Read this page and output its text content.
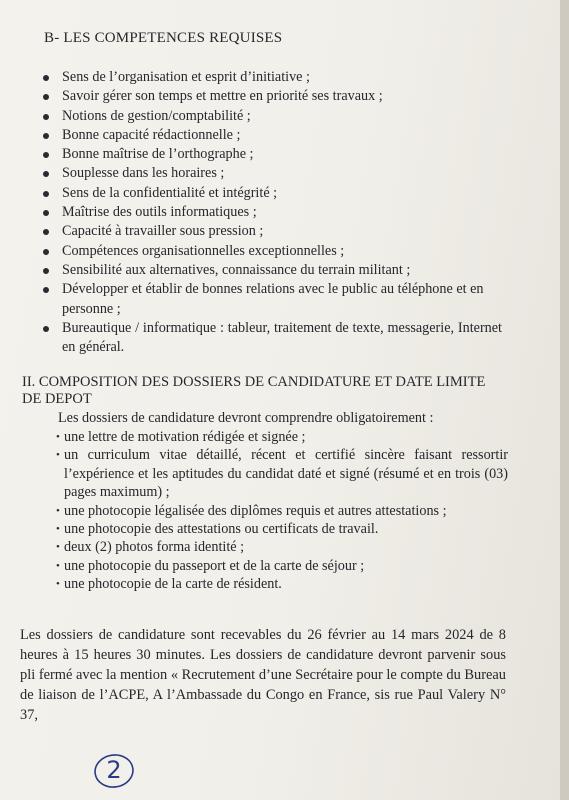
B- LES COMPETENCES REQUISES
Sens de l’organisation et esprit d’initiative ;
Savoir gérer son temps et mettre en priorité ses travaux ;
Notions de gestion/comptabilité ;
Bonne capacité rédactionnelle ;
Bonne maîtrise de l’orthographe ;
Souplesse dans les horaires ;
Sens de la confidentialité et intégrité ;
Maîtrise des outils informatiques ;
Capacité à travailler sous pression ;
Compétences organisationnelles exceptionnelles ;
Sensibilité aux alternatives, connaissance du terrain militant ;
Développer et établir de bonnes relations avec le public au téléphone et en personne ;
Bureautique / informatique : tableur, traitement de texte, messagerie, Internet en général.
II. COMPOSITION DES DOSSIERS DE CANDIDATURE ET DATE LIMITE DE DEPOT
Les dossiers de candidature devront comprendre obligatoirement :
• une lettre de motivation rédigée et signée ;
• un curriculum vitae détaillé, récent et certifié sincère faisant ressortir l’expérience et les aptitudes du candidat daté et signé (résumé et en trois (03) pages maximum) ;
• une photocopie légalisée des diplômes requis et autres attestations ;
• une photocopie des attestations ou certificats de travail.
• deux (2) photos forma identité ;
• une photocopie du passeport et de la carte de séjour ;
• une photocopie de la carte de résident.

Les dossiers de candidature sont recevables du 26 février au 14 mars 2024 de 8 heures à 15 heures 30 minutes. Les dossiers de candidature devront parvenir sous pli fermé avec la mention « Recrutement d’une Secrétaire pour le compte du Bureau de liaison de l’ACPE, A l’Ambassade du Congo en France, sis rue Paul Valery N° 37,

2
